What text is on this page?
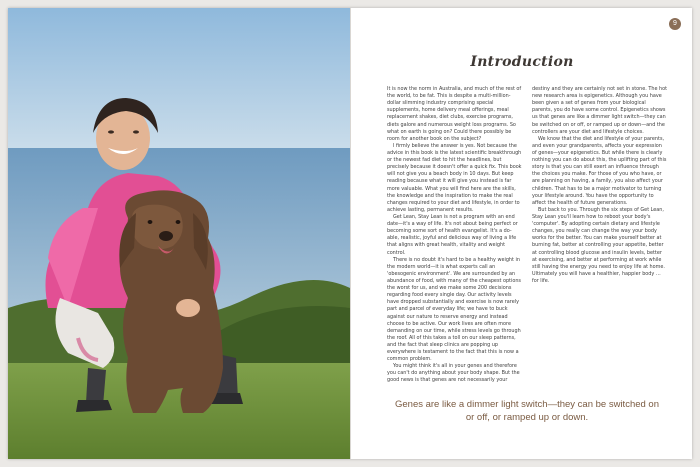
9
Introduction

It is now the norm in Australia, and much of the rest of the world, to be fat. This is despite a multi-million-dollar slimming industry comprising special supplements, home delivery meal offerings, meal replacement shakes, diet clubs, exercise programs, diets galore and numerous weight loss programs. So what on earth is going on? Could there possibly be room for another book on the subject?

I firmly believe the answer is yes. Not because the advice in this book is the latest scientific breakthrough or the newest fad diet to hit the headlines, but precisely because it doesn't offer a quick fix. This book will not give you a beach body in 10 days. But keep reading because what it will give you instead is far more valuable. What you will find here are the skills, the knowledge and the inspiration to make the real changes required to your diet and lifestyle, in order to achieve lasting, permanent results.

Get Lean, Stay Lean is not a program with an end date—it's a way of life. It's not about being perfect or becoming some sort of health evangelist. It's a do-able, realistic, joyful and delicious way of living a life that aligns with great health, vitality and weight control.

There is no doubt it's hard to be a healthy weight in the modern world—it is what experts call an 'obesogenic environment'. We are surrounded by an abundance of food, with many of the cheapest options the worst for us, and we make some 200 decisions regarding food every single day. Our activity levels have dropped substantially and exercise is now rarely part and parcel of everyday life; we have to buck against our nature to reserve energy and instead choose to be active. Our work lives are often more demanding on our time, while stress levels go through the roof. All of this takes a toll on our sleep patterns, and the fact that sleep clinics are popping up everywhere is testament to the fact that this is now a common problem.

You might think it's all in your genes and therefore you can't do anything about your body shape. But the good news is that genes are not necessarily your destiny and they are certainly not set in stone. The hot new research area is epigenetics. Although you have been given a set of genes from your biological parents, you do have some control. Epigenetics shows us that genes are like a dimmer light switch—they can be switched on or off, or ramped up or down—and the controllers are your diet and lifestyle choices.

We know that the diet and lifestyle of your parents, and even your grandparents, affects your expression of genes—your epigenetics. But while there is clearly nothing you can do about this, the uplifting part of this story is that you can still exert an influence through the choices you make. For those of you who have, or are planning on having, a family, you also affect your children. That has to be a major motivator to turning your lifestyle around. You have the opportunity to affect the health of future generations.

But back to you. Through the six steps of Get Lean, Stay Lean you'll learn how to reboot your body's 'computer'. By adopting certain dietary and lifestyle changes, you really can change the way your body works for the better. You can make yourself better at burning fat, better at controlling your appetite, better at controlling blood glucose and insulin levels, better at exercising, and better at performing at work while still having the energy you need to enjoy life at home. Ultimately you will have a healthier, happier body … for life.

Genes are like a dimmer light switch—they can be switched on or off, or ramped up or down.
